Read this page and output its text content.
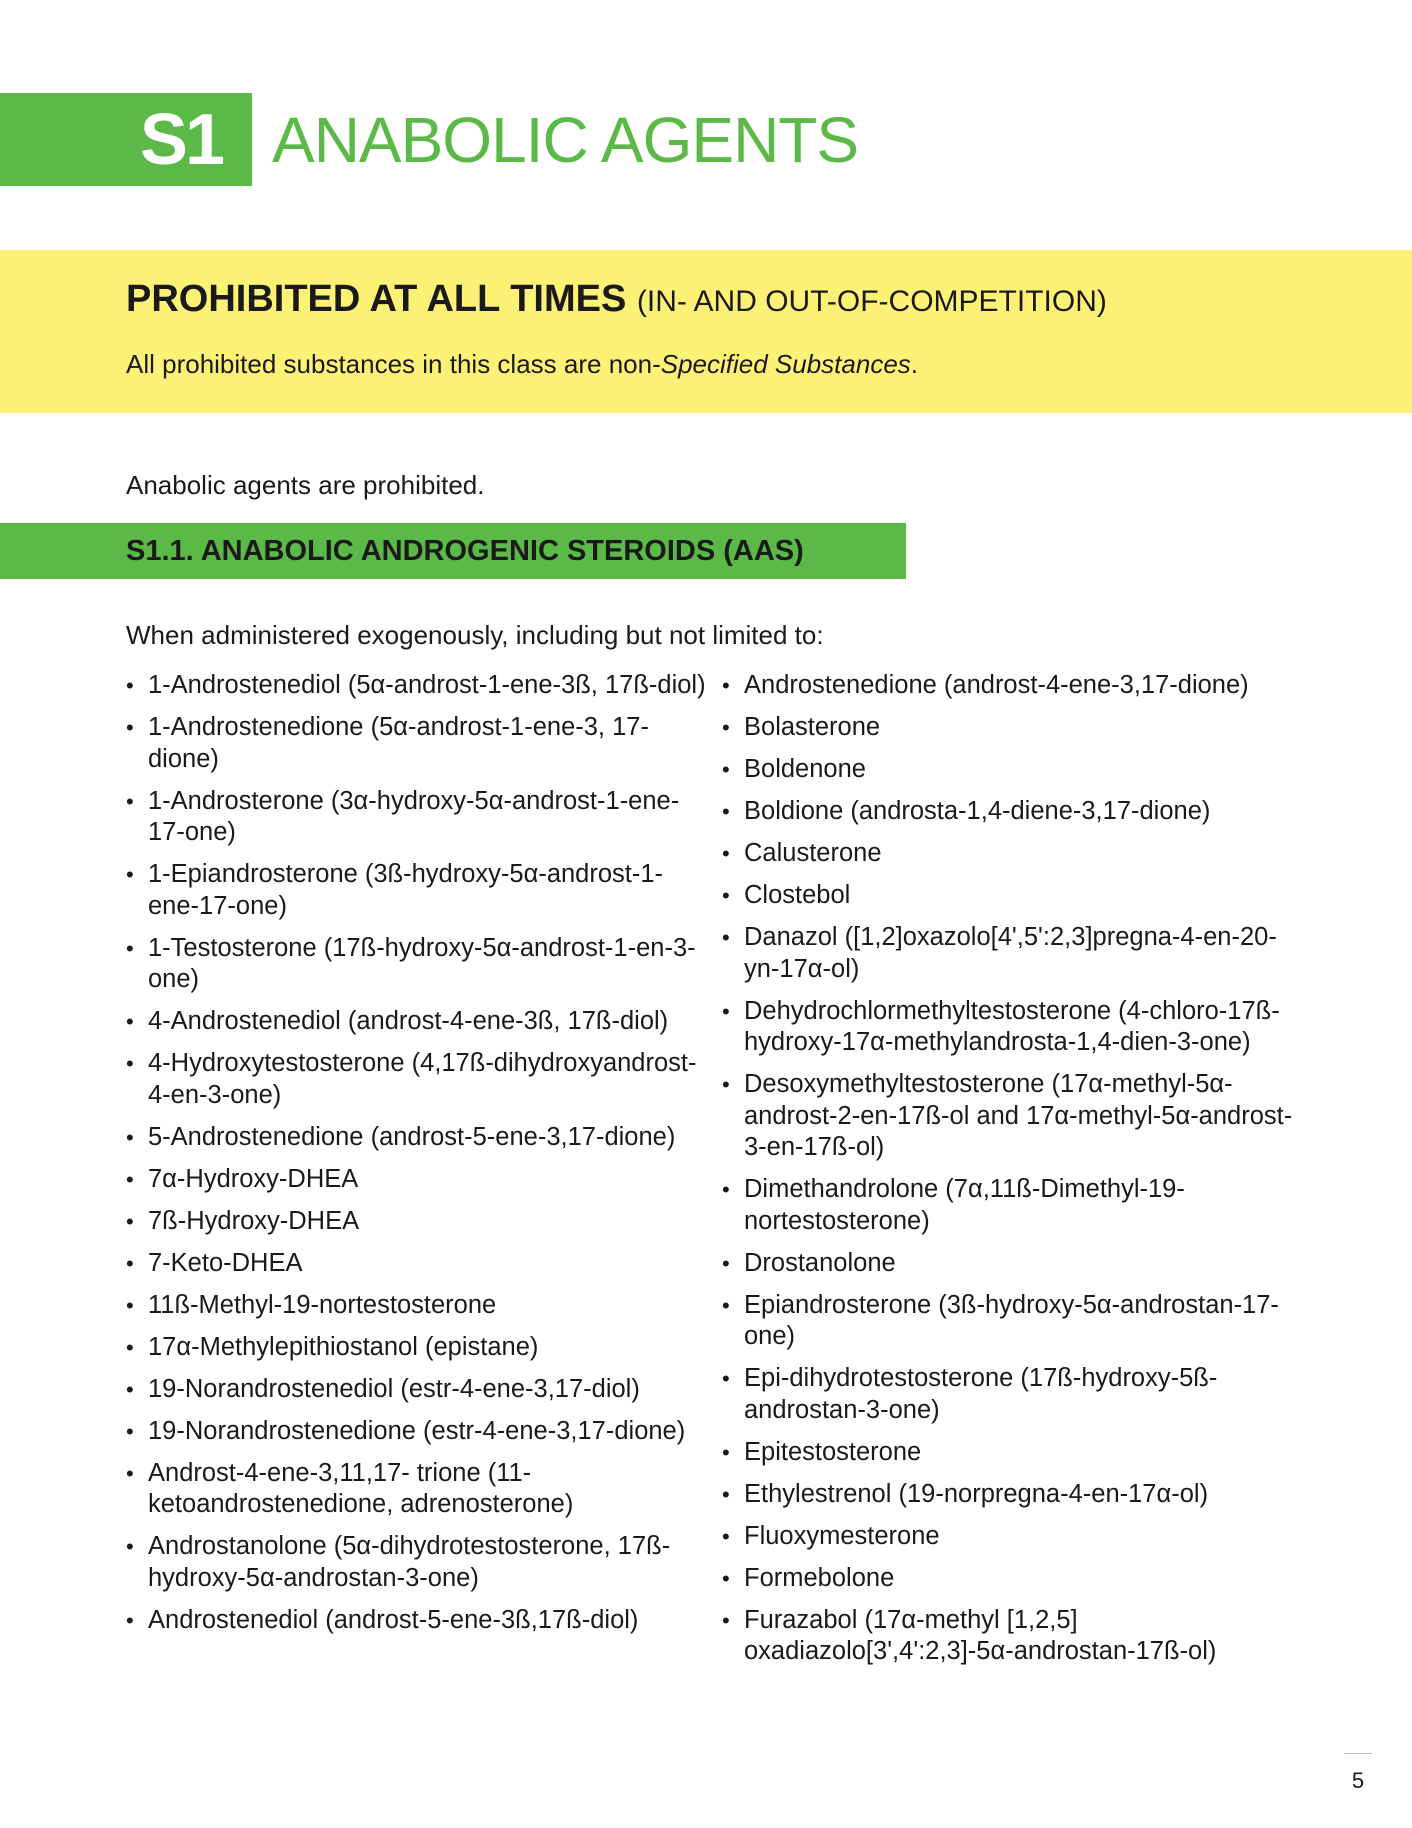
S1 ANABOLIC AGENTS
PROHIBITED AT ALL TIMES (IN- AND OUT-OF-COMPETITION)
All prohibited substances in this class are non-Specified Substances.
Anabolic agents are prohibited.
S1.1. ANABOLIC ANDROGENIC STEROIDS (AAS)
When administered exogenously, including but not limited to:
• 1-Androstenediol (5α-androst-1-ene-3ß, 17ß-diol)
• 1-Androstenedione (5α-androst-1-ene-3, 17-dione)
• 1-Androsterone (3α-hydroxy-5α-androst-1-ene-17-one)
• 1-Epiandrosterone (3ß-hydroxy-5α-androst-1-ene-17-one)
• 1-Testosterone (17ß-hydroxy-5α-androst-1-en-3-one)
• 4-Androstenediol (androst-4-ene-3ß, 17ß-diol)
• 4-Hydroxytestosterone (4,17ß-dihydroxyandrost-4-en-3-one)
• 5-Androstenedione (androst-5-ene-3,17-dione)
• 7α-Hydroxy-DHEA
• 7ß-Hydroxy-DHEA
• 7-Keto-DHEA
• 11ß-Methyl-19-nortestosterone
• 17α-Methylepithiostanol (epistane)
• 19-Norandrostenediol (estr-4-ene-3,17-diol)
• 19-Norandrostenedione (estr-4-ene-3,17-dione)
• Androst-4-ene-3,11,17- trione (11-ketoandrostenedione, adrenosterone)
• Androstanolone (5α-dihydrotestosterone, 17ß-hydroxy-5α-androstan-3-one)
• Androstenediol (androst-5-ene-3ß,17ß-diol)
• Androstenedione (androst-4-ene-3,17-dione)
• Bolasterone
• Boldenone
• Boldione (androsta-1,4-diene-3,17-dione)
• Calusterone
• Clostebol
• Danazol ([1,2]oxazolo[4',5':2,3]pregna-4-en-20-yn-17α-ol)
• Dehydrochlormethyltestosterone (4-chloro-17ß-hydroxy-17α-methylandrosta-1,4-dien-3-one)
• Desoxymethyltestosterone (17α-methyl-5α-androst-2-en-17ß-ol and 17α-methyl-5α-androst-3-en-17ß-ol)
• Dimethandrolone (7α,11ß-Dimethyl-19-nortestosterone)
• Drostanolone
• Epiandrosterone (3ß-hydroxy-5α-androstan-17-one)
• Epi-dihydrotestosterone (17ß-hydroxy-5ß-androstan-3-one)
• Epitestosterone
• Ethylestrenol (19-norpregna-4-en-17α-ol)
• Fluoxymesterone
• Formebolone
• Furazabol (17α-methyl [1,2,5] oxadiazolo[3',4':2,3]-5α-androstan-17ß-ol)
5
